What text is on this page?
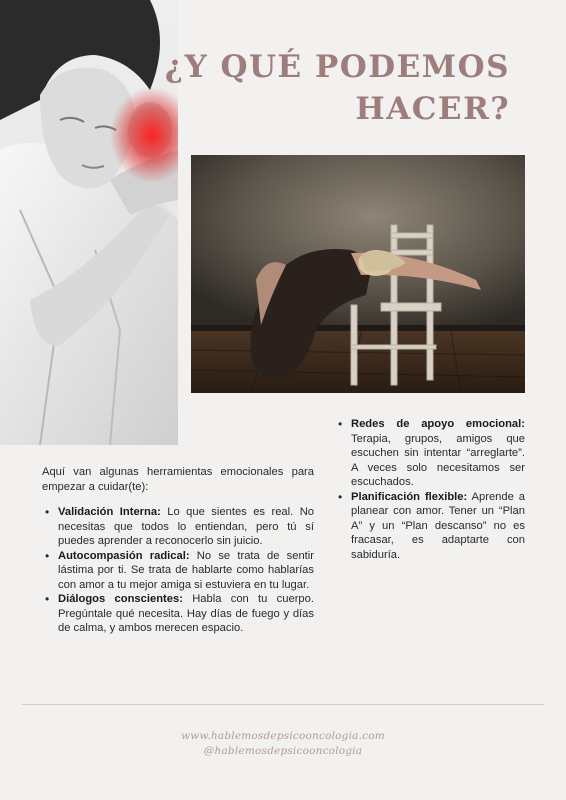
¿Y QUÉ PODEMOS
HACER?

Aquí van algunas herramientas emocionales para empezar a cuidar(te):

• Validación Interna: Lo que sientes es real. No necesitas que todos lo entiendan, pero tú sí puedes aprender a reconocerlo sin juicio.
• Autocompasión radical: No se trata de sentir lástima por ti. Se trata de hablarte como hablarías con amor a tu mejor amiga si estuviera en tu lugar.
• Diálogos conscientes: Habla con tu cuerpo. Pregúntale qué necesita. Hay días de fuego y días de calma, y ambos merecen espacio.
• Redes de apoyo emocional: Terapia, grupos, amigos que escuchen sin intentar “arreglarte”. A veces solo necesitamos ser escuchados.
• Planificación flexible: Aprende a planear con amor. Tener un “Plan A” y un “Plan descanso” no es fracasar, es adaptarte con sabiduría.
www.hablemosdepsicooncologia.com
@hablemosdepsicooncologia
